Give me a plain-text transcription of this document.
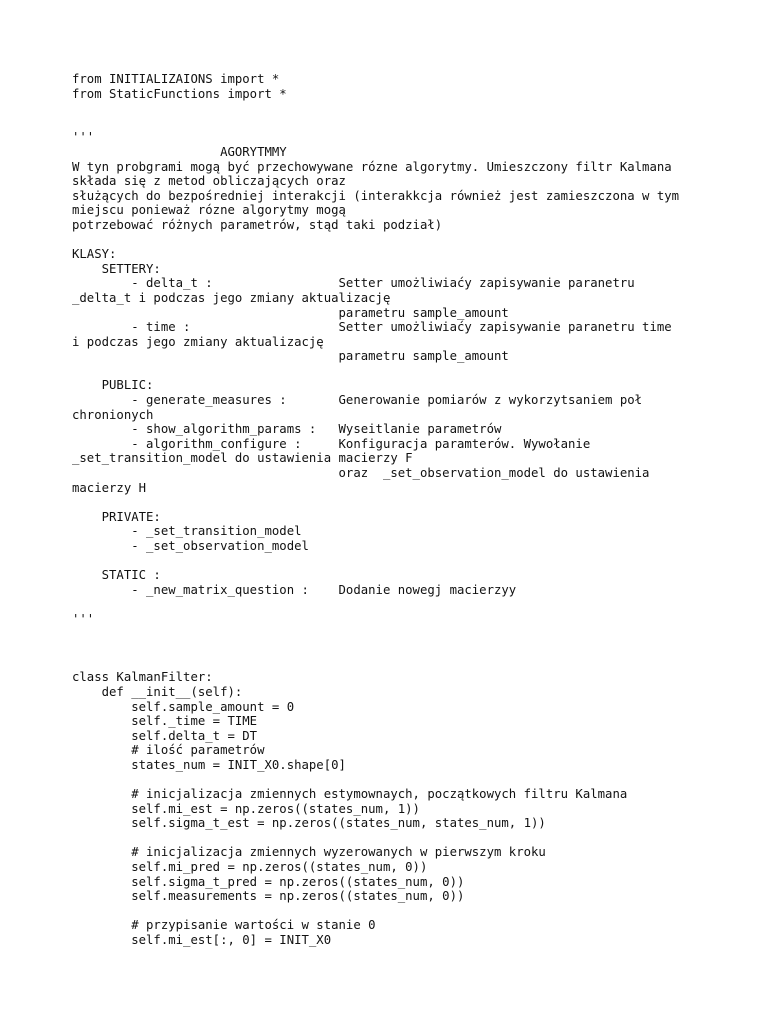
from INITIALIZAIONS import *
from StaticFunctions import *
'''
AGORYTMMY
W tyn probgrami mogą być przechowywane rózne algorytmy. Umieszczony filtr Kalmana
składa się z metod obliczających oraz
służących do bezpośredniej interakcji (interakkcja również jest zamieszczona w tym
miejscu ponieważ rózne algorytmy mogą
potrzebować różnych parametrów, stąd taki podział)
KLASY:
SETTERY:
- delta_t :                 Setter umożliwiaćy zapisywanie paranetru
_delta_t i podczas jego zmiany aktualizację
parametru sample_amount
- time :                    Setter umożliwiaćy zapisywanie paranetru time
i podczas jego zmiany aktualizację
parametru sample_amount
PUBLIC:
- generate_measures :       Generowanie pomiarów z wykorzytsaniem poł
chronionych
- show_algorithm_params :   Wyseitlanie parametrów
- algorithm_configure :     Konfiguracja paramterów. Wywołanie
_set_transition_model do ustawienia macierzy F
oraz  _set_observation_model do ustawienia
macierzy H
PRIVATE:
- _set_transition_model
- _set_observation_model
STATIC :
- _new_matrix_question :    Dodanie nowegj macierzyy
'''
class KalmanFilter:
def __init__(self):
self.sample_amount = 0
self._time = TIME
self.delta_t = DT
# ilość parametrów
states_num = INIT_X0.shape[0]
# inicjalizacja zmiennych estymownaych, początkowych filtru Kalmana
self.mi_est = np.zeros((states_num, 1))
self.sigma_t_est = np.zeros((states_num, states_num, 1))
# inicjalizacja zmiennych wyzerowanych w pierwszym kroku
self.mi_pred = np.zeros((states_num, 0))
self.sigma_t_pred = np.zeros((states_num, 0))
self.measurements = np.zeros((states_num, 0))
# przypisanie wartości w stanie 0
self.mi_est[:, 0] = INIT_X0
